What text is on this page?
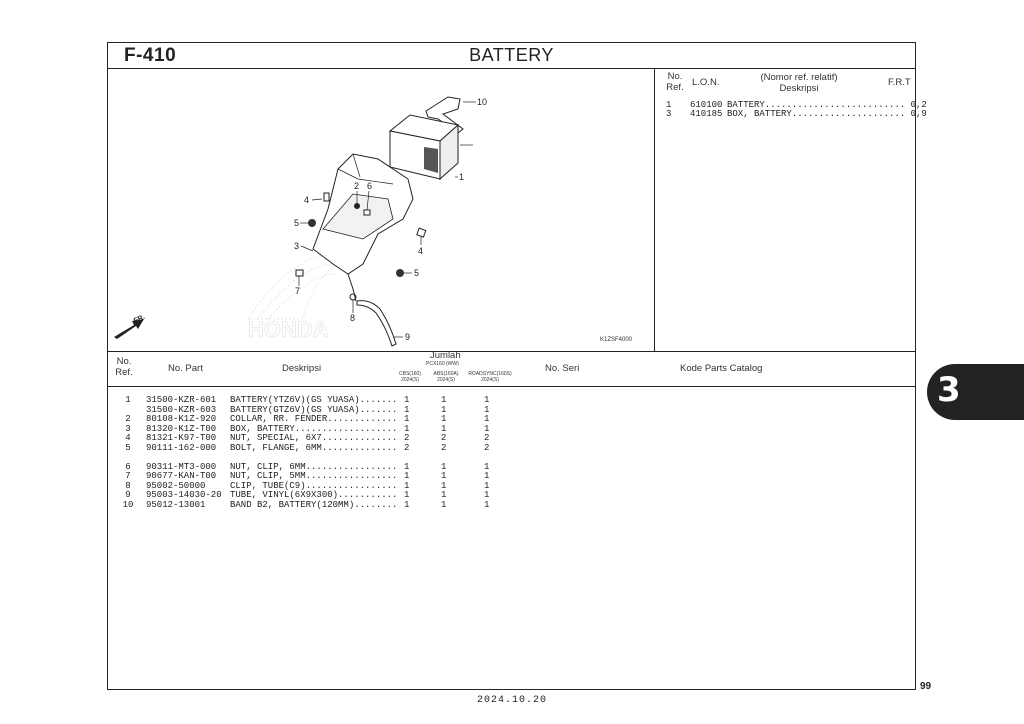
F-410	BATTERY
No.
Ref. L.O.N.	(Nomor ref. relatif)
Deskripsi
F.R.T
1 610100 BATTERY.......................... 0,2
3 410185 BOX, BATTERY..................... 0,9
HONDA
1
2
3
4
4
5
5
6
7
8
9
10
FR.
K1ZSF4000
No.
Ref.	No. Part	Deskripsi
Jumlah
PCX160 (WW)
CBS(160)
2024(S)
ABS(160A)
2024(S)
ROADSYNC(160S)
2024(S)
No. Seri	Kode Parts Catalog
1	31500-KZR-601 BATTERY(YTZ6V)(GS YUASA)....... 1	1	1
31500-KZR-603 BATTERY(GTZ6V)(GS YUASA)....... 1	1	1
2	80108-K1Z-920 COLLAR, RR. FENDER............. 1	1	1
3	81320-K1Z-T00 BOX, BATTERY................... 1	1	1
4	81321-K97-T00 NUT, SPECIAL, 6X7.............. 2	2	2
5	90111-162-000 BOLT, FLANGE, 6MM.............. 2	2	2
6	90311-MT3-000 NUT, CLIP, 6MM................. 1	1	1
7	90677-KAN-T00 NUT, CLIP, 5MM................. 1	1	1
8	95002-50000	CLIP, TUBE(C9)................. 1	1	1
9	95003-14030-20 TUBE, VINYL(6X9X300)........... 1	1	1
10	95012-13001	BAND B2, BATTERY(120MM)........ 1	1	1
3
99
2024.10.20
